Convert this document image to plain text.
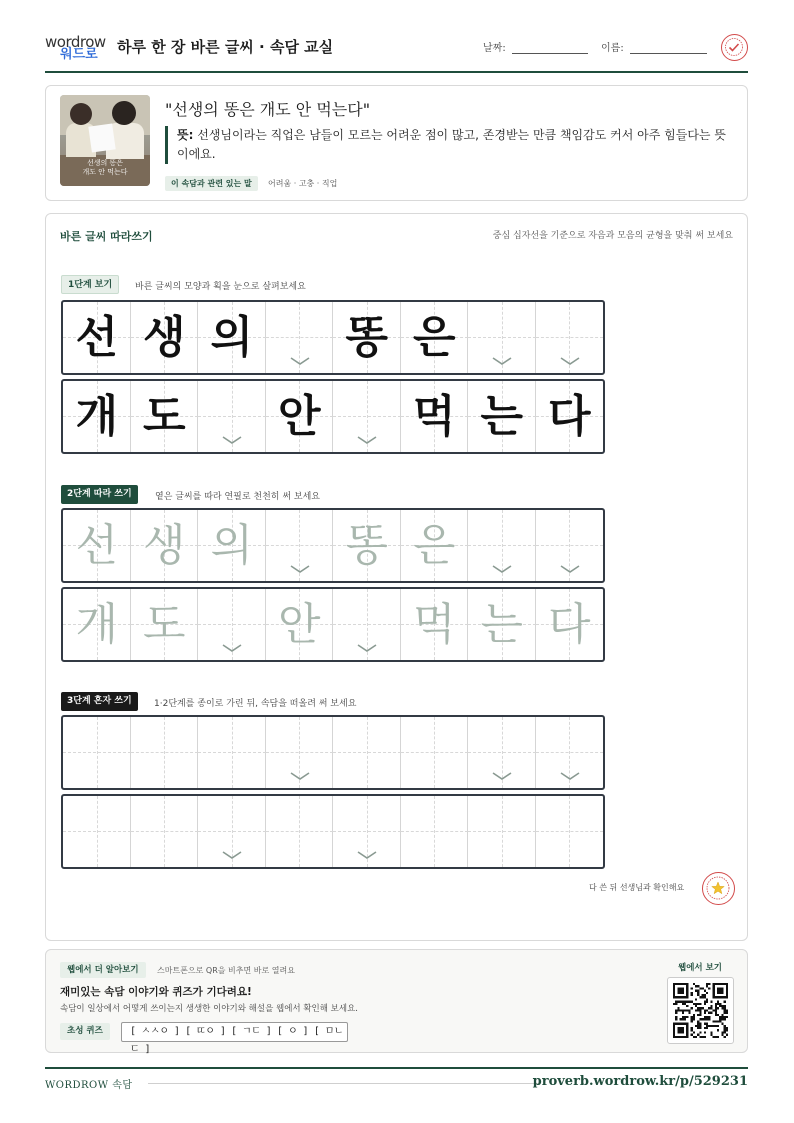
wordrow
워드로 하루 한 장 바른 글씨 · 속담 교실	날짜:	이름:
선생의 똥은
개도 안 먹는다
"선생의 똥은 개도 안 먹는다"
뜻: 선생님이라는 직업은 남들이 모르는 어려운 점이 많고, 존경받는 만큼 책임감도 커서 아주 힘들다는 뜻이에요.
이 속담과 관련 있는 말	어려움 · 고충 · 직업
바른 글씨 따라쓰기	중심 십자선을 기준으로 자음과 모음의 균형을 맞춰 써 보세요
1단계 보기	바른 글씨의 모양과 획을 눈으로 살펴보세요
선 생 의 똥 은
개 도 안 먹 는 다
2단계 따라 쓰기	옅은 글씨를 따라 연필로 천천히 써 보세요
선 생 의 똥 은
개 도 안 먹 는 다
3단계 혼자 쓰기	1·2단계를 종이로 가린 뒤, 속담을 떠올려 써 보세요
다 쓴 뒤 선생님과 확인해요
웹에서 더 알아보기	스마트폰으로 QR을 비추면 바로 열려요
재미있는 속담 이야기와 퀴즈가 기다려요!
속담이 일상에서 어떻게 쓰이는지 생생한 이야기와 해설을 웹에서 확인해 보세요.
초성 퀴즈	[ ㅅㅅㅇ ] [ ㄸㅇ ] [ ㄱㄷ ] [ ㅇ ] [ ㅁㄴㄷ ]
웹에서 보기
WORDROW 속담	proverb.wordrow.kr/p/529231
